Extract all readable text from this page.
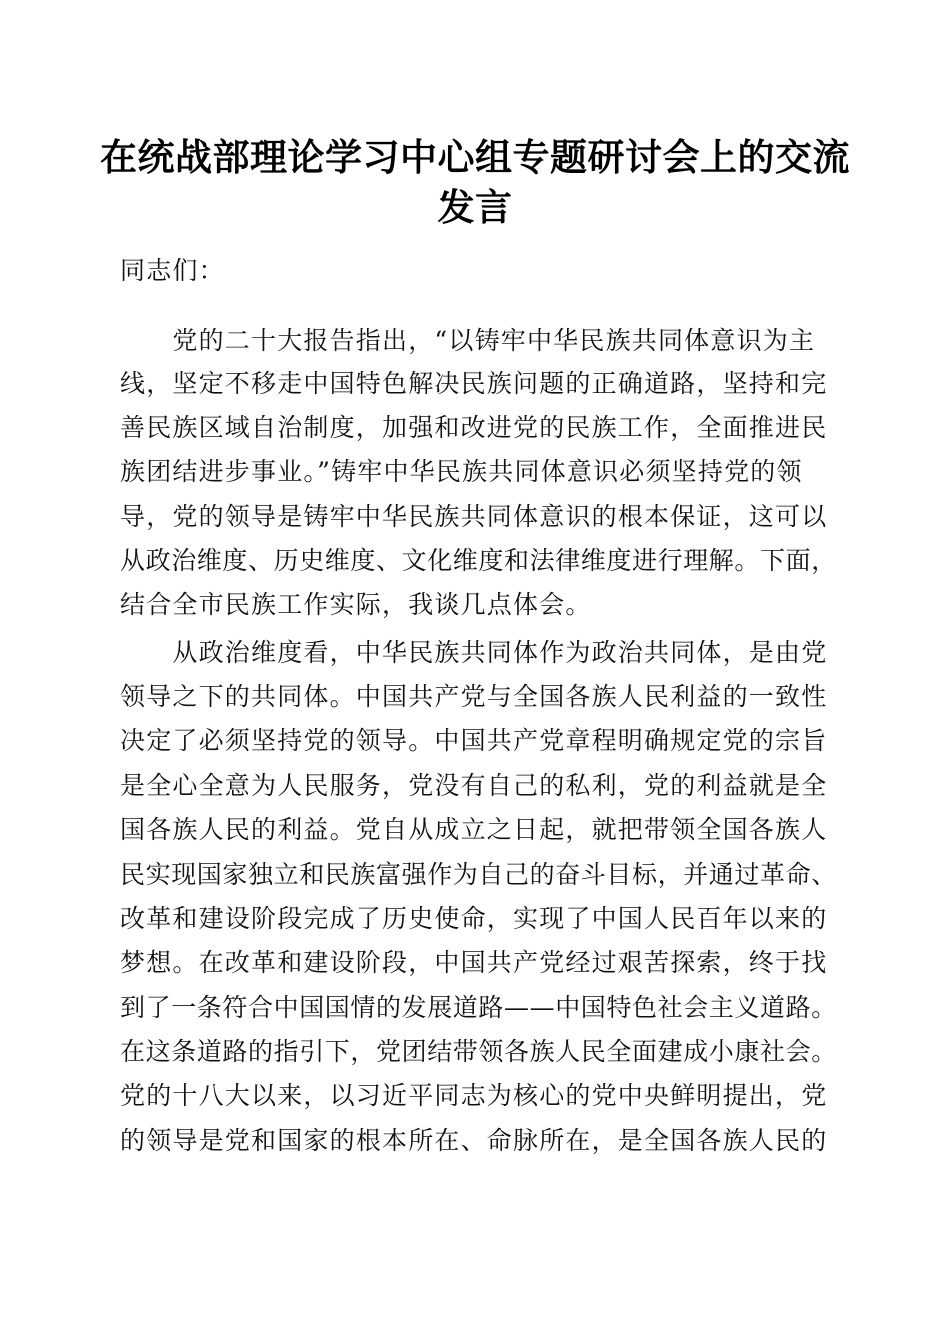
在统战部理论学习中心组专题研讨会上的交流
发言
同志们：
　　党的二十大报告指出，“以铸牢中华民族共同体意识为主
线，坚定不移走中国特色解决民族问题的正确道路，坚持和完
善民族区域自治制度，加强和改进党的民族工作，全面推进民
族团结进步事业。”铸牢中华民族共同体意识必须坚持党的领
导，党的领导是铸牢中华民族共同体意识的根本保证，这可以
从政治维度、历史维度、文化维度和法律维度进行理解。下面，
结合全市民族工作实际，我谈几点体会。
　　从政治维度看，中华民族共同体作为政治共同体，是由党
领导之下的共同体。中国共产党与全国各族人民利益的一致性
决定了必须坚持党的领导。中国共产党章程明确规定党的宗旨
是全心全意为人民服务，党没有自己的私利，党的利益就是全
国各族人民的利益。党自从成立之日起，就把带领全国各族人
民实现国家独立和民族富强作为自己的奋斗目标，并通过革命、
改革和建设阶段完成了历史使命，实现了中国人民百年以来的
梦想。在改革和建设阶段，中国共产党经过艰苦探索，终于找
到了一条符合中国国情的发展道路——中国特色社会主义道路。
在这条道路的指引下，党团结带领各族人民全面建成小康社会。
党的十八大以来，以习近平同志为核心的党中央鲜明提出，党
的领导是党和国家的根本所在、命脉所在，是全国各族人民的
